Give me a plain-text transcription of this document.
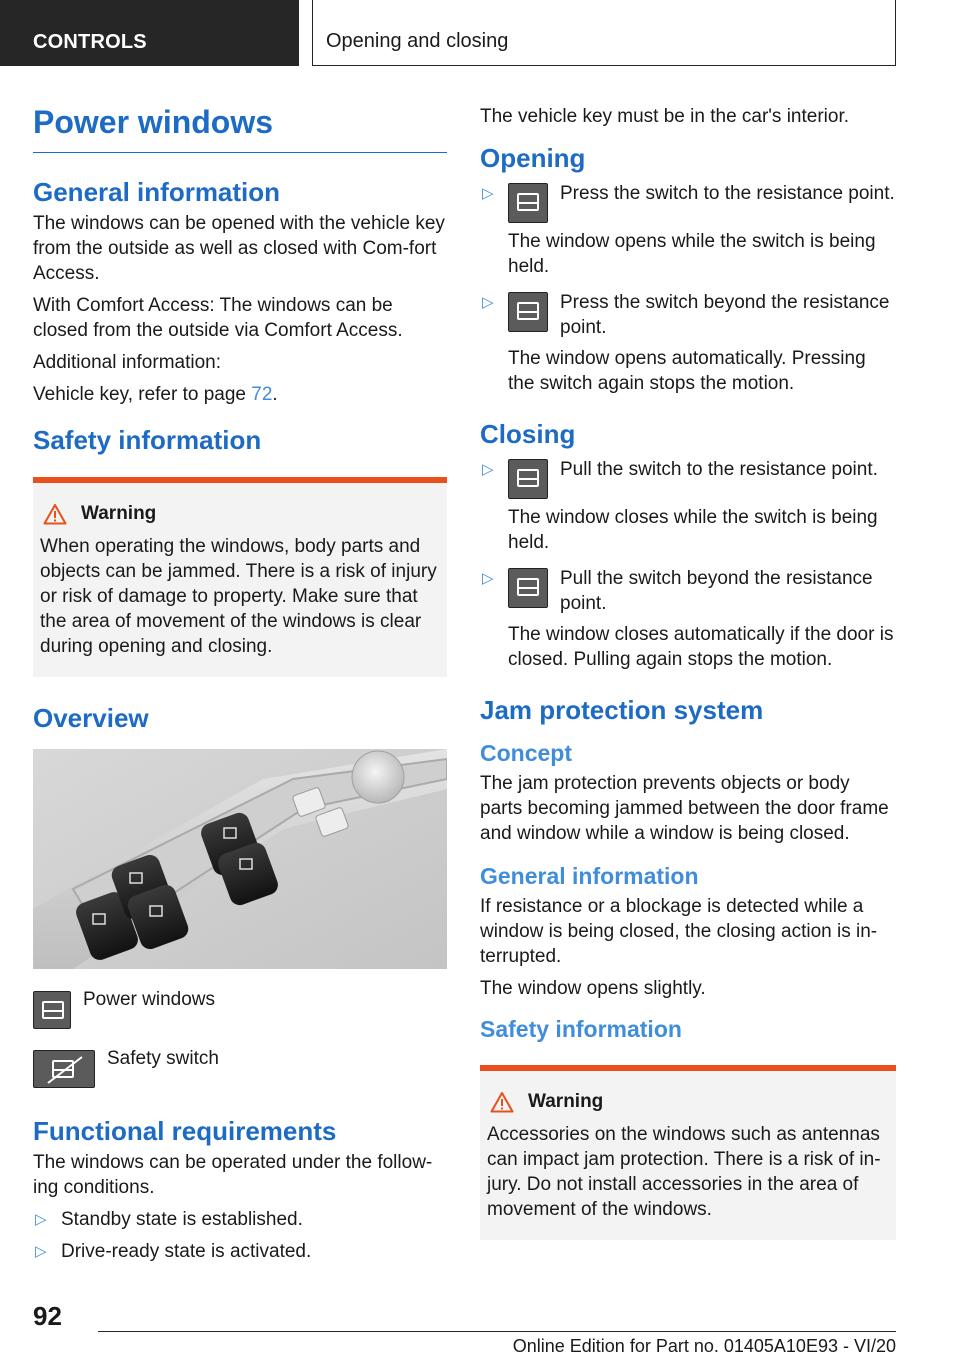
CONTROLS	Opening and closing
Power windows
General information

The windows can be opened with the vehicle key from the outside as well as closed with Com‐fort Access.

With Comfort Access: The windows can be closed from the outside via Comfort Access.

Additional information:

Vehicle key, refer to page 72.

Safety information
Warning

When operating the windows, body parts and objects can be jammed. There is a risk of injury or risk of damage to property. Make sure that the area of movement of the windows is clear during opening and closing.

Overview
Power windows
Safety switch
Functional requirements

The windows can be operated under the follow‐ing conditions.

▷ Standby state is established.
▷ Drive-ready state is activated.

The vehicle key must be in the car's interior.

Opening
▷	Press the switch to the resistance point.

The window opens while the switch is being held.

▷	Press the switch beyond the resistance point.

The window opens automatically. Pressing the switch again stops the motion.

Closing
▷	Pull the switch to the resistance point.

The window closes while the switch is being held.

▷	Pull the switch beyond the resistance point.

The window closes automatically if the door is closed. Pulling again stops the motion.

Jam protection system
Concept

The jam protection prevents objects or body parts becoming jammed between the door frame and window while a window is being closed.

General information

If resistance or a blockage is detected while a window is being closed, the closing action is in‐terrupted.

The window opens slightly.

Safety information
Warning

Accessories on the windows such as antennas can impact jam protection. There is a risk of in‐jury. Do not install accessories in the area of movement of the windows.

92
Online Edition for Part no. 01405A10E93 - VI/20
